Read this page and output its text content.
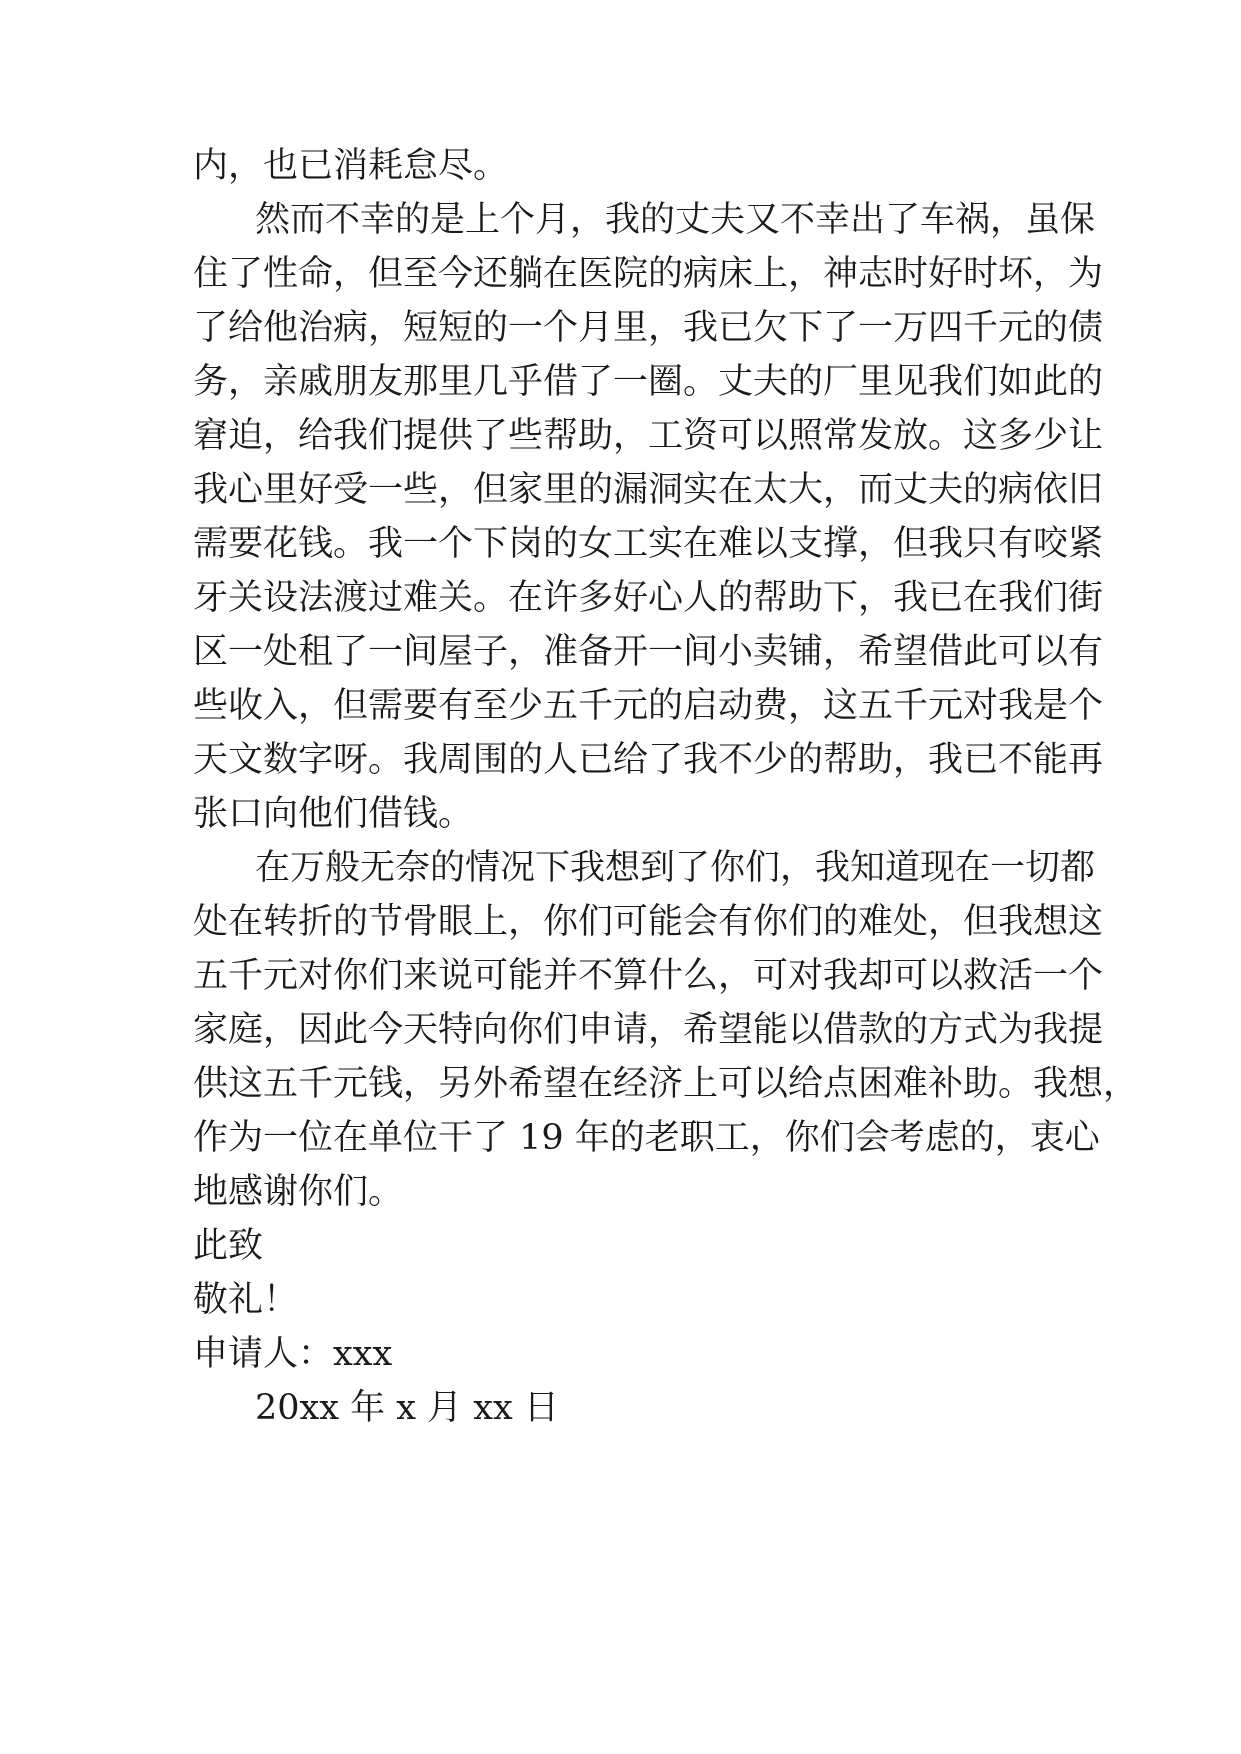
内，也已消耗怠尽。
然而不幸的是上个月，我的丈夫又不幸出了车祸，虽保
住了性命，但至今还躺在医院的病床上，神志时好时坏，为
了给他治病，短短的一个月里，我已欠下了一万四千元的债
务，亲戚朋友那里几乎借了一圈。丈夫的厂里见我们如此的
窘迫，给我们提供了些帮助，工资可以照常发放。这多少让
我心里好受一些，但家里的漏洞实在太大，而丈夫的病依旧
需要花钱。我一个下岗的女工实在难以支撑，但我只有咬紧
牙关设法渡过难关。在许多好心人的帮助下，我已在我们街
区一处租了一间屋子，准备开一间小卖铺，希望借此可以有
些收入，但需要有至少五千元的启动费，这五千元对我是个
天文数字呀。我周围的人已给了我不少的帮助，我已不能再
张口向他们借钱。
在万般无奈的情况下我想到了你们，我知道现在一切都
处在转折的节骨眼上，你们可能会有你们的难处，但我想这
五千元对你们来说可能并不算什么，可对我却可以救活一个
家庭，因此今天特向你们申请，希望能以借款的方式为我提
供这五千元钱，另外希望在经济上可以给点困难补助。我想，
作为一位在单位干了 19 年的老职工，你们会考虑的，衷心
地感谢你们。
此致
敬礼！
申请人：xxx
20xx 年 x 月 xx 日
